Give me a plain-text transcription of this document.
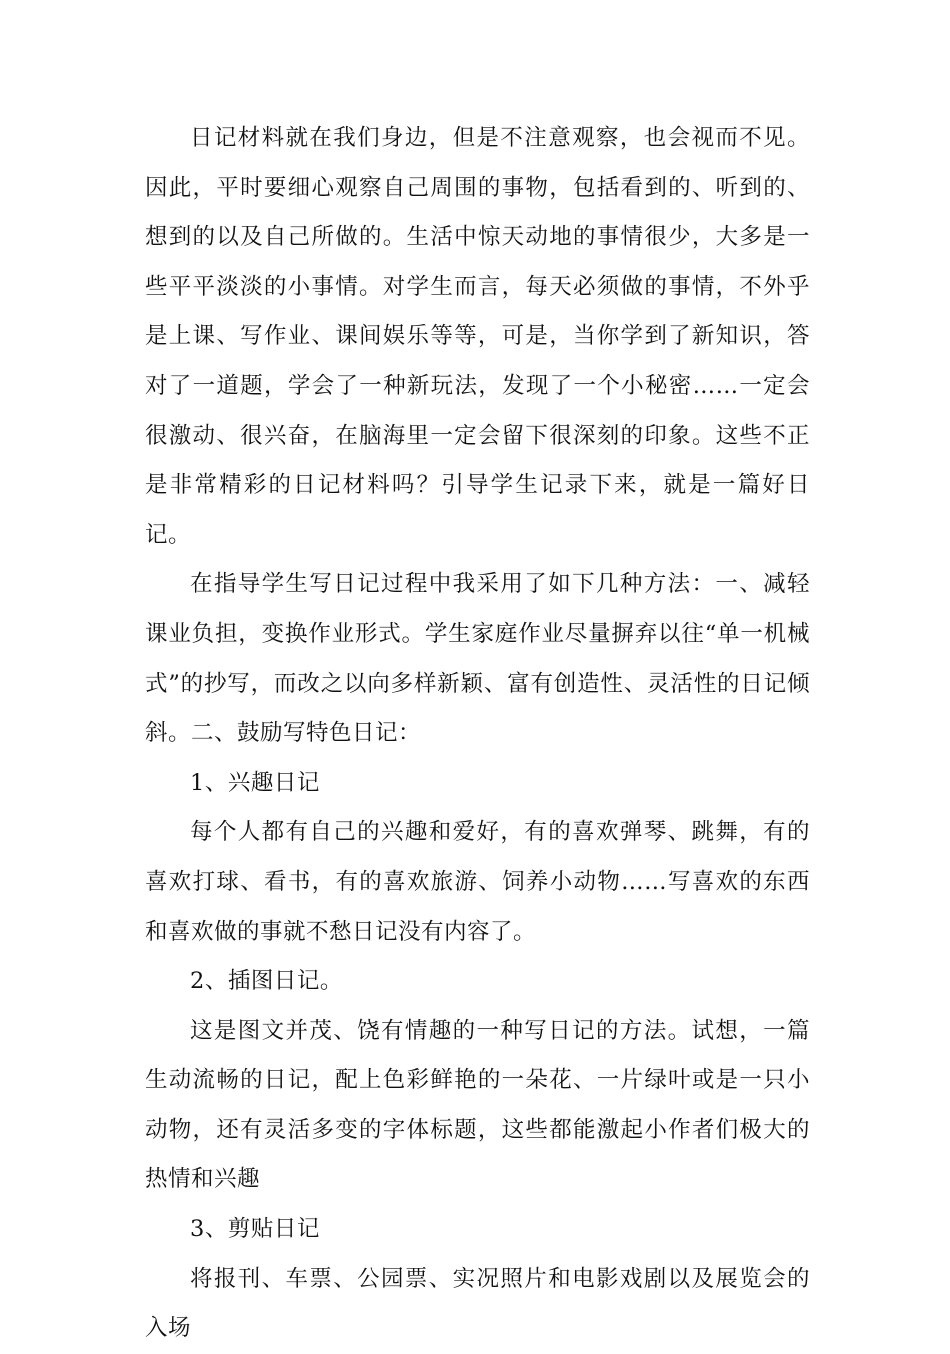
日记材料就在我们身边，但是不注意观察，也会视而不见。因此，平时要细心观察自己周围的事物，包括看到的、听到的、想到的以及自己所做的。生活中惊天动地的事情很少，大多是一些平平淡淡的小事情。对学生而言，每天必须做的事情，不外乎是上课、写作业、课间娱乐等等，可是，当你学到了新知识，答对了一道题，学会了一种新玩法，发现了一个小秘密……一定会很激动、很兴奋，在脑海里一定会留下很深刻的印象。这些不正是非常精彩的日记材料吗？引导学生记录下来，就是一篇好日记。

在指导学生写日记过程中我采用了如下几种方法：一、减轻课业负担，变换作业形式。学生家庭作业尽量摒弃以往“单一机械式”的抄写，而改之以向多样新颖、富有创造性、灵活性的日记倾斜。二、鼓励写特色日记：

1、兴趣日记

每个人都有自己的兴趣和爱好，有的喜欢弹琴、跳舞，有的喜欢打球、看书，有的喜欢旅游、饲养小动物……写喜欢的东西和喜欢做的事就不愁日记没有内容了。

2、插图日记。

这是图文并茂、饶有情趣的一种写日记的方法。试想，一篇生动流畅的日记，配上色彩鲜艳的一朵花、一片绿叶或是一只小动物，还有灵活多变的字体标题，这些都能激起小作者们极大的热情和兴趣

3、剪贴日记

将报刊、车票、公园票、实况照片和电影戏剧以及展览会的入场
